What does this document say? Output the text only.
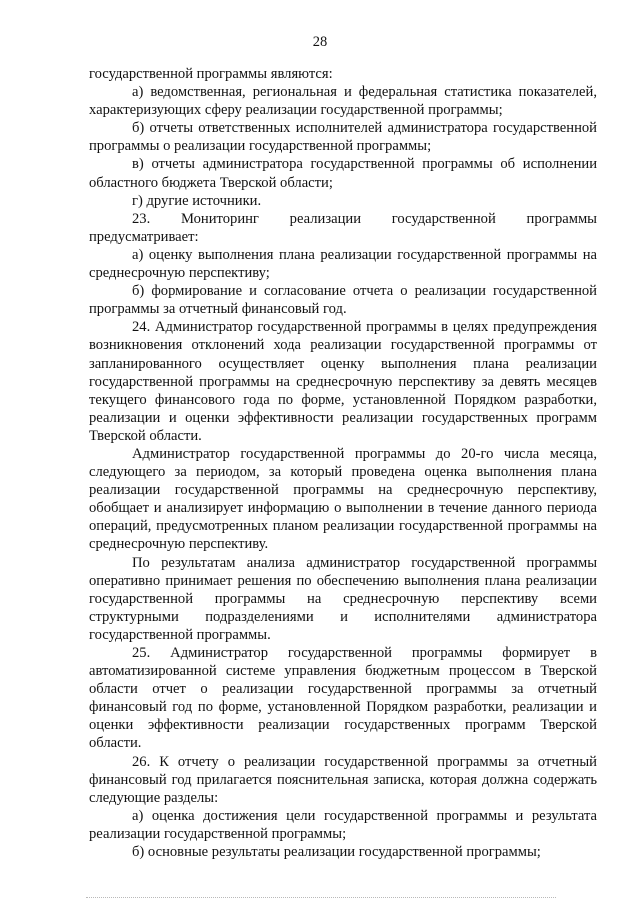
28

государственной программы являются:

а) ведомственная, региональная и федеральная статистика показателей, характеризующих сферу реализации государственной программы;

б) отчеты ответственных исполнителей администратора государственной программы о реализации государственной программы;

в) отчеты администратора государственной программы об исполнении областного бюджета Тверской области;

г) другие источники.

23. Мониторинг реализации государственной программы предусматривает:

а) оценку выполнения плана реализации государственной программы на среднесрочную перспективу;

б) формирование и согласование отчета о реализации государственной программы за отчетный финансовый год.

24. Администратор государственной программы в целях предупреждения возникновения отклонений хода реализации государственной программы от запланированного осуществляет оценку выполнения плана реализации государственной программы на среднесрочную перспективу за девять месяцев текущего финансового года по форме, установленной Порядком разработки, реализации и оценки эффективности реализации государственных программ Тверской области.

Администратор государственной программы до 20-го числа месяца, следующего за периодом, за который проведена оценка выполнения плана реализации государственной программы на среднесрочную перспективу, обобщает и анализирует информацию о выполнении в течение данного периода операций, предусмотренных планом реализации государственной программы на среднесрочную перспективу.

По результатам анализа администратор государственной программы оперативно принимает решения по обеспечению выполнения плана реализации государственной программы на среднесрочную перспективу всеми структурными подразделениями и исполнителями администратора государственной программы.

25. Администратор государственной программы формирует в автоматизированной системе управления бюджетным процессом в Тверской области отчет о реализации государственной программы за отчетный финансовый год по форме, установленной Порядком разработки, реализации и оценки эффективности реализации государственных программ Тверской области.

26. К отчету о реализации государственной программы за отчетный финансовый год прилагается пояснительная записка, которая должна содержать следующие разделы:

а) оценка достижения цели государственной программы и результата реализации государственной программы;

б) основные результаты реализации государственной программы;
